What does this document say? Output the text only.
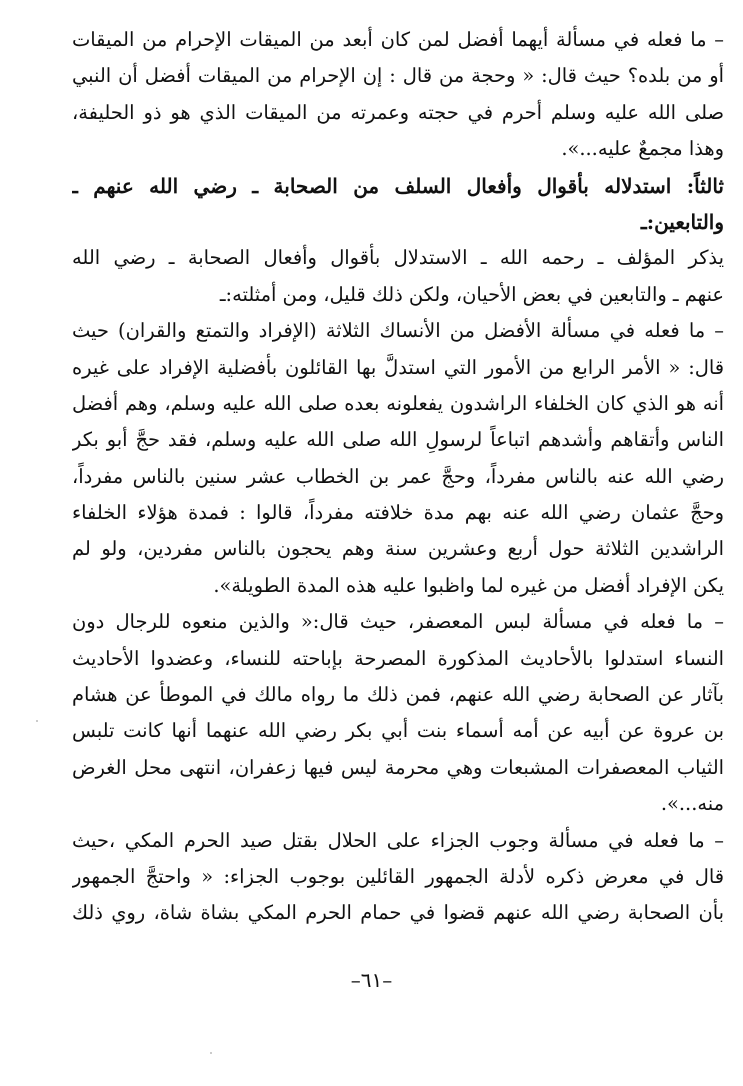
– ما فعله في مسألة أيهما أفضل لمن كان أبعد من الميقات الإحرام من الميقات
أو من بلده؟ حيث قال: « وحجة من قال : إن الإحرام من الميقات أفضل أن النبي
صلى الله عليه وسلم أحرم في حجته وعمرته من الميقات الذي هو ذو الحليفة،
وهذا مجمعٌ عليه...».
ثالثاً: استدلاله بأقوال وأفعال السلف من الصحابة ـ رضي الله عنهم ـ
والتابعين:ـ
يذكر المؤلف ـ رحمه الله ـ الاستدلال بأقوال وأفعال الصحابة ـ رضي الله
عنهم ـ والتابعين في بعض الأحيان، ولكن ذلك قليل، ومن أمثلته:ـ
– ما فعله في مسألة الأفضل من الأنساك الثلاثة (الإفراد والتمتع والقران) حيث
قال: « الأمر الرابع من الأمور التي استدلَّ بها القائلون بأفضلية الإفراد على غيره
أنه هو الذي كان الخلفاء الراشدون يفعلونه بعده صلى الله عليه وسلم، وهم أفضل
الناس وأتقاهم وأشدهم اتباعاً لرسولِ الله صلى الله عليه وسلم، فقد حجَّ أبو بكر
رضي الله عنه بالناس مفرداً، وحجَّ عمر بن الخطاب عشر سنين بالناس مفرداً،
وحجَّ عثمان رضي الله عنه بهم مدة خلافته مفرداً، قالوا : فمدة هؤلاء الخلفاء
الراشدين الثلاثة حول أربع وعشرين سنة وهم يحجون بالناس مفردين، ولو لم
يكن الإفراد أفضل من غيره لما واظبوا عليه هذه المدة الطويلة».
– ما فعله في مسألة لبس المعصفر، حيث قال:« والذين منعوه للرجال دون
النساء استدلوا بالأحاديث المذكورة المصرحة بإباحته للنساء، وعضدوا الأحاديث
بآثار عن الصحابة رضي الله عنهم، فمن ذلك ما رواه مالك في الموطأ عن هشام
بن عروة عن أبيه عن أمه أسماء بنت أبي بكر رضي الله عنهما أنها كانت تلبس
الثياب المعصفرات المشبعات وهي محرمة ليس فيها زعفران، انتهى محل الغرض
منه...».
– ما فعله في مسألة وجوب الجزاء على الحلال بقتل صيد الحرم المكي ،حيث
قال في معرض ذكره لأدلة الجمهور القائلين بوجوب الجزاء: « واحتجَّ الجمهور
بأن الصحابة رضي الله عنهم قضوا في حمام الحرم المكي بشاة شاة، روي ذلك
–٦١–
